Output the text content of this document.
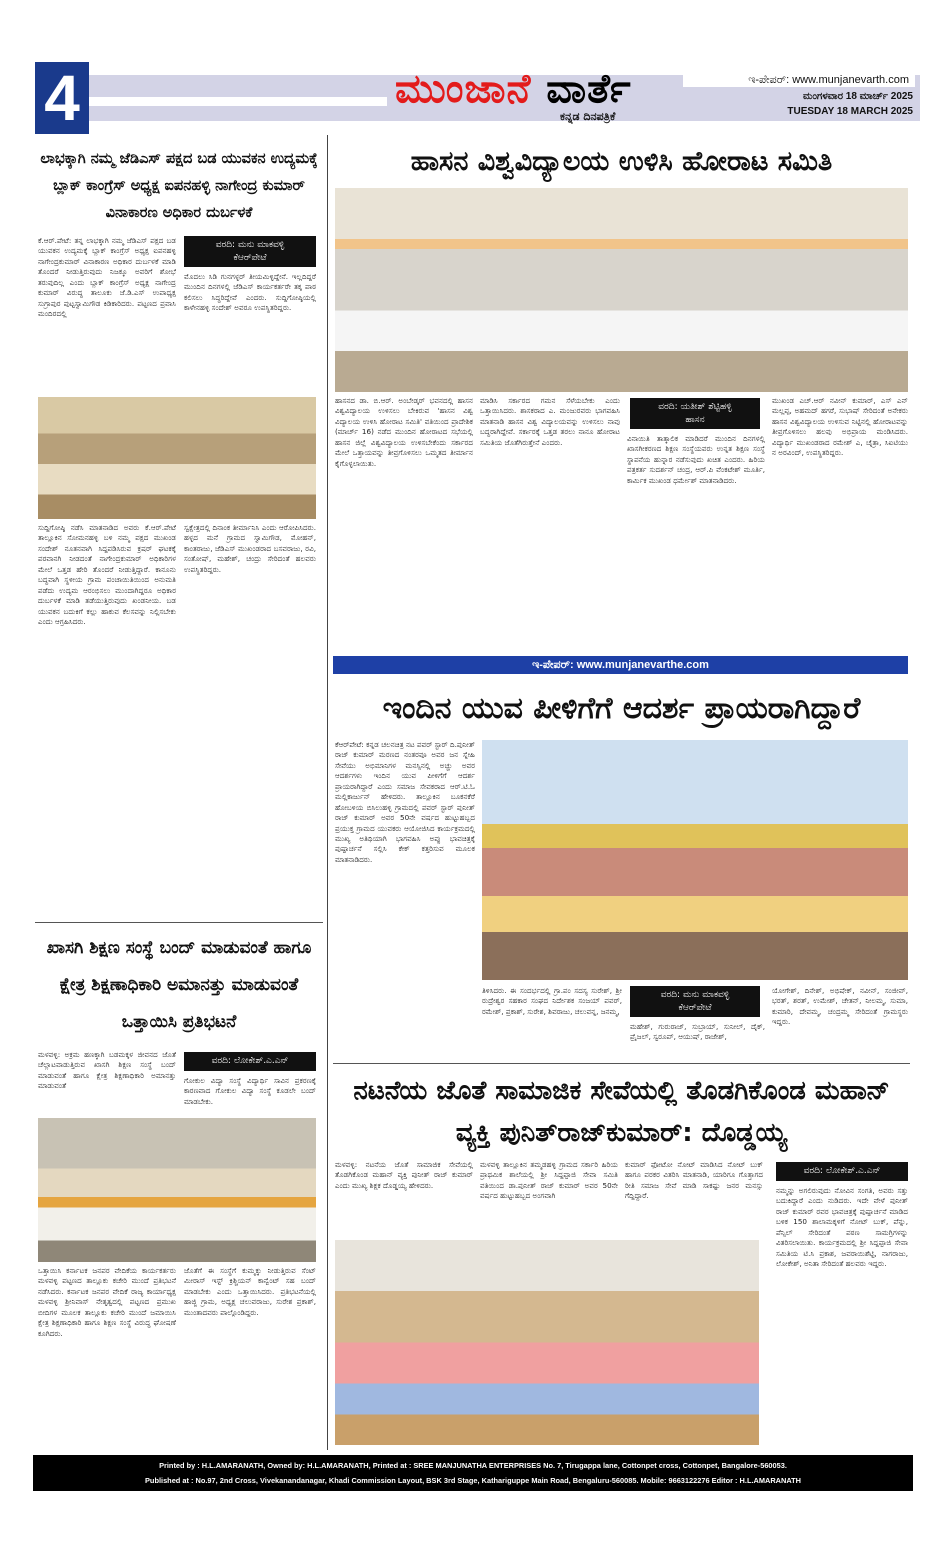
4	ಮುಂಜಾನೆ ವಾರ್ತೆ
ಕನ್ನಡ ದಿನಪತ್ರಿಕೆ
ಇ-ಪೇಪರ್: www.munjanevarth.com
ಮಂಗಳವಾರ 18 ಮಾರ್ಚ್ 2025
TUESDAY 18 MARCH 2025
ಲಾಭಕ್ಕಾಗಿ ನಮ್ಮ ಜೆಡಿಎಸ್ ಪಕ್ಷದ ಬಡ ಯುವಕನ ಉದ್ಯಮಕ್ಕೆ ಬ್ಲಾಕ್ ಕಾಂಗ್ರೆಸ್ ಅಧ್ಯಕ್ಷ ಐಪನಹಳ್ಳಿ ನಾಗೇಂದ್ರ ಕುಮಾರ್ ವಿನಾಕಾರಣ ಅಧಿಕಾರ ದುರ್ಬಳಕೆ
ಕೆ.ಆರ್.ಪೇಟೆ: ತನ್ನ ಲಾಭಕ್ಕಾಗಿ ನಮ್ಮ ಜೆಡಿಎಸ್ ಪಕ್ಷದ ಬಡ ಯುವಕನ ಉದ್ಯಮಕ್ಕೆ ಬ್ಲಾಕ್ ಕಾಂಗ್ರೆಸ್ ಅಧ್ಯಕ್ಷ ಐಪನಹಳ್ಳಿ ನಾಗೇಂದ್ರಕುಮಾರ್ ವಿನಾಕಾರಣ ಅಧಿಕಾರ ದುರ್ಬಳಕೆ ಮಾಡಿ ತೊಂದರೆ ನೀಡುತ್ತಿರುವುದು ನಿಜಕ್ಕೂ ಅವರಿಗೆ ಶೋಭೆ ತರುವುದಿಲ್ಲ ಎಂದು ಬ್ಲಾಕ್ ಕಾಂಗ್ರೆಸ್ ಅಧ್ಯಕ್ಷ ನಾಗೇಂದ್ರ ಕುಮಾರ್ ವಿರುದ್ಧ ತಾಲೂಕು ಜೆ.ಡಿ.ಎಸ್ ಉಪಾಧ್ಯಕ್ಷ ಸುಗ್ರಾಪುರ ಪುಟ್ಟಸ್ವಾಮಿಗೌಡ ಕಿಡಿಕಾರಿದರು. ಪಟ್ಟಣದ ಪ್ರವಾಸಿ ಮಂದಿರದಲ್ಲಿ
ವರದಿ: ಮನು ಮಾಕವಳ್ಳಿ
ಕೆಆರ್‌ಪೇಟೆ
ಮೊದಲು ಸಿಡಿ ಗುನಗಳ್ಳರ್ ತೀಯಮಿಳ್ಳಿದ್ದೇನೆ. ಇಲ್ಲದಿದ್ದರೆ ಮುಂದಿನ ದಿನಗಳಲ್ಲಿ ಜೆಡಿಎಸ್ ಕಾರ್ಯಕರ್ತರೇ ತಕ್ಕ ಪಾಠ ಕಲಿಸಲು ಸಿದ್ಧರಿದ್ದೇವೆ ಎಂದರು. ಸುದ್ದಿಗೋಷ್ಠಿಯಲ್ಲಿ ಕಾಳೇನಹಳ್ಳಿ ಸಂದೇಶ್ ಅವರೂ ಉಪಸ್ಥಿತರಿದ್ದರು.
ಸುದ್ದಿಗೋಷ್ಠಿ ನಡೆಸಿ ಮಾತನಾಡಿದ ಅವರು ಕೆ.ಆರ್.ಪೇಟೆ ತಾಲ್ಲೂಕಿನ ಸೋಮನಹಳ್ಳಿ ಬಳಿ ನಮ್ಮ ಪಕ್ಷದ ಮುಖಂಡ ಸಂದೇಶ್ ನೂತನವಾಗಿ ಸಿದ್ದಪಡಿಸಿರುವ ಕ್ರಷರ್ ಘಟಕಕ್ಕೆ ಪರವಾನಗಿ ನೀಡದಂತೆ ನಾಗೇಂದ್ರಕುಮಾರ್ ಅಧಿಕಾರಿಗಳ ಮೇಲೆ ಒತ್ತಡ ಹೇರಿ ತೊಂದರೆ ನೀಡುತ್ತಿದ್ದಾರೆ. ಕಾನೂನು ಬದ್ಧವಾಗಿ ಸ್ಥಳೀಯ ಗ್ರಾಮ ಪಂಚಾಯಿತಿಯಿಂದ ಅನುಮತಿ ಪಡೆದು ಉದ್ಯಮ ಆರಂಭಿಸಲು ಮುಂದಾಗಿದ್ದರೂ ಅಧಿಕಾರ ದುರ್ಬಳಕೆ ಮಾಡಿ ತಡೆಯುತ್ತಿರುವುದು ಖಂಡನೀಯ. ಬಡ ಯುವಕನ ಬದುಕಿಗೆ ಕಲ್ಲು ಹಾಕುವ ಕೆಲಸವನ್ನು ನಿಲ್ಲಿಸಬೇಕು ಎಂದು ಆಗ್ರಹಿಸಿದರು.
ಸ್ವಕ್ಷೇತ್ರದಲ್ಲಿ ದಿನಾಂಕ ತೀರ್ಮಾನಿಸಿ ಎಂದು ಆರೋಪಿಸಿದರು. ಹಳ್ಳದ ಮನೆ ಗ್ರಾಮದ ಸ್ವಾಮಿಗೌಡ, ಮೋಹನ್, ಕಾಂತರಾಜು, ಜೆಡಿಎಸ್ ಮುಖಂಡರಾದ ಬಸವರಾಜು, ರವಿ, ಸಂತೋಷ್, ಮಹೇಶ್, ಚಂದ್ರು ಸೇರಿದಂತೆ ಹಲವರು ಉಪಸ್ಥಿತರಿದ್ದರು.
ಖಾಸಗಿ ಶಿಕ್ಷಣ ಸಂಸ್ಥೆ ಬಂದ್ ಮಾಡುವಂತೆ ಹಾಗೂ ಕ್ಷೇತ್ರ ಶಿಕ್ಷಣಾಧಿಕಾರಿ ಅಮಾನತ್ತು ಮಾಡುವಂತೆ ಒತ್ತಾಯಿಸಿ ಪ್ರತಿಭಟನೆ
ಮಳವಳ್ಳಿ: ಅಕ್ರಮ ಹಣಕ್ಕಾಗಿ ಬಡಮಕ್ಕಳ ಜೀವನದ ಜೊತೆ ಚೆಲ್ಲಾಟವಾಡುತ್ತಿರುವ ಖಾಸಗಿ ಶಿಕ್ಷಣ ಸಂಸ್ಥೆ ಬಂದ್ ಮಾಡುವಂತೆ ಹಾಗೂ ಕ್ಷೇತ್ರ ಶಿಕ್ಷಣಾಧಿಕಾರಿ ಅಮಾನತ್ತು ಮಾಡುವಂತೆ
ವರದಿ: ಲೋಕೇಶ್.ಎ.ಎನ್
ಗೋಕುಲ ವಿದ್ಯಾ ಸಂಸ್ಥೆ ವಿದ್ಯಾರ್ಥಿ ಸಾವಿನ ಪ್ರಕರಣಕ್ಕೆ ಕಾರಣವಾದ ಗೋಕುಲ ವಿದ್ಯಾ ಸಂಸ್ಥೆ ಕೂಡಲೇ ಬಂದ್ ಮಾಡಬೇಕು.
ಒತ್ತಾಯಿಸಿ ಕರ್ನಾಟಕ ಜನಪರ ವೇದಿಕೆಯ ಕಾರ್ಯಕರ್ತರು ಮಳವಳ್ಳಿ ಪಟ್ಟಣದ ತಾಲ್ಲೂಕು ಕಚೇರಿ ಮುಂದೆ ಪ್ರತಿಭಟನೆ ನಡೆಸಿದರು. ಕರ್ನಾಟಕ ಜನಪರ ವೇದಿಕೆ ರಾಜ್ಯ ಕಾರ್ಯಾಧ್ಯಕ್ಷ ಮಳವಳ್ಳಿ ಶ್ರೀನಿವಾಸ್ ನೇತೃತ್ವದಲ್ಲಿ ಪಟ್ಟಣದ ಪ್ರಮುಖ ಬೀದಿಗಳ ಮೂಲಕ ತಾಲ್ಲೂಕು ಕಚೇರಿ ಮುಂದೆ ಜಮಾಯಿಸಿ ಕ್ಷೇತ್ರ ಶಿಕ್ಷಣಾಧಿಕಾರಿ ಹಾಗೂ ಶಿಕ್ಷಣ ಸಂಸ್ಥೆ ವಿರುದ್ಧ ಘೋಷಣೆ ಕೂಗಿದರು.
ಜೊತೆಗೆ ಈ ಸಂಸ್ಥೆಗೆ ಕುಮ್ಮಕ್ಕು ನೀಡುತ್ತಿರುವ ಸೆಂಟ್ ಮೀರಾಸ್ ಇಸ್ಟ್ ಕ್ರಿಶ್ಚಿಯನ್ ಕಾನ್ವೆಂಟ್ ಸಹ ಬಂದ್ ಮಾಡಬೇಕು ಎಂದು ಒತ್ತಾಯಿಸಿದರು. ಪ್ರತಿಭಟನೆಯಲ್ಲಿ ಹಾಜ್ಜಿ ಗ್ರಾಮ, ಅಧ್ಯಕ್ಷ ಚಲುವರಾಜು, ಸುರೇಶ ಪ್ರಕಾಶ್, ಮುಂತಾದವರು ಪಾಲ್ಗೊಂಡಿದ್ದರು.
ಹಾಸನ ವಿಶ್ವವಿದ್ಯಾಲಯ ಉಳಿಸಿ ಹೋರಾಟ ಸಮಿತಿ
ಹಾಸನದ ಡಾ. ಬಿ.ಆರ್. ಅಂಬೇಡ್ಕರ್ ಭವನದಲ್ಲಿ ಹಾಸನ ವಿಶ್ವವಿದ್ಯಾಲಯ ಉಳಿಸಲು ಬೇಕಿರುವ 'ಹಾಸನ ವಿಶ್ವ ವಿದ್ಯಾಲಯ ಉಳಿಸಿ ಹೋರಾಟ ಸಮಿತಿ' ವತಿಯಿಂದ ಪ್ರಾದೇಶಿಕ (ಮಾರ್ಚ್ 16) ನಡೆದ ಮುಂದಿನ ಹೋರಾಟದ ಸಭೆಯಲ್ಲಿ ಹಾಸನ ಜಿಲ್ಲೆ ವಿಶ್ವವಿದ್ಯಾಲಯ ಉಳಿಸಬೇಕೆಂದು ಸರ್ಕಾರದ ಮೇಲೆ ಒತ್ತಾಯವನ್ನು ತೀವ್ರಗೊಳಿಸಲು ಒಮ್ಮತದ ತೀರ್ಮಾನ ಕೈಗೊಳ್ಳಲಾಯಿತು.
ಮಾಡಿಸಿ ಸರ್ಕಾರದ ಗಮನ ಸೆಳೆಯಬೇಕು ಎಂದು ಒತ್ತಾಯಿಸಿದರು. ಶಾಸಕರಾದ ಎ. ಮಂಜುರವರು ಭಾಗವಹಿಸಿ ಮಾತನಾಡಿ ಹಾಸನ ವಿಶ್ವ ವಿದ್ಯಾಲಯವನ್ನು ಉಳಿಸಲು ನಾವು ಬದ್ಧರಾಗಿದ್ದೇವೆ. ಸರ್ಕಾರಕ್ಕೆ ಒತ್ತಡ ತರಲು ನಾನೂ ಹೋರಾಟ ಸಮಿತಿಯ ಜೊತೆಗಿರುತ್ತೇನೆ ಎಂದರು.
ವರದಿ: ಯತೀಶ್ ಶೆಟ್ಟಿಹಳ್ಳಿ
ಹಾಸನ
ವಿನಾಯಿತಿ ತಾತ್ಕಾಲಿಕ ಮಾಡಿದರೆ ಮುಂದಿನ ದಿನಗಳಲ್ಲಿ ಖಾಸಗೀಕರಣದ ಶಿಕ್ಷಣ ಸಂಸ್ಥೆಯವರು ಉನ್ನತ ಶಿಕ್ಷಣ ಸಂಸ್ಥೆ ಸ್ಥಾಪನೆಯ ಹುನ್ನಾರ ನಡೆಸುವುದು ಖಚಿತ ಎಂದರು. ಹಿರಿಯ ಪತ್ರಕರ್ತ ಸುದರ್ಶನ್ ಚಂದ್ರ, ಆರ್.ಪಿ ವೆಂಕಟೇಶ್ ಮೂರ್ತಿ, ಕಾರ್ಮಿಕ ಮುಖಂಡ ಧರ್ಮೇಶ್ ಮಾತನಾಡಿದರು.
ಮುಖಂಡ ಎಚ್.ಆರ್ ನವೀನ್ ಕುಮಾರ್, ಎಸ್ ಎನ್ ಮಲ್ಲಪ್ಪ, ಅಹಮದ್ ಹಗರೆ, ಸುಭಾಷ್ ಸೇರಿದಂತೆ ಅನೇಕರು ಹಾಸನ ವಿಶ್ವವಿದ್ಯಾಲಯ ಉಳಿಸುವ ನಿಟ್ಟಿನಲ್ಲಿ ಹೋರಾಟವನ್ನು ತೀವ್ರಗೊಳಿಸಲು ಹಲವು ಅಭಿಪ್ರಾಯ ಮಂಡಿಸಿದರು. ವಿದ್ಯಾರ್ಥಿ ಮುಖಂಡರಾದ ರಮೇಶ್ ಎ, ಚೈತ್ರಾ, ಸಿಐಟಿಯು ನ ಅರವಿಂದ್, ಉಪಸ್ಥಿತರಿದ್ದರು.
ಇ-ಪೇಪರ್: www.munjanevarthe.com
ಇಂದಿನ ಯುವ ಪೀಳಿಗೆಗೆ ಆದರ್ಶ ಪ್ರಾಯರಾಗಿದ್ದಾರೆ
ಕೆಆರ್‌ಪೇಟೆ: ಕನ್ನಡ ಚಲನಚಿತ್ರ ನಟ ಪವರ್ ಸ್ಟಾರ್ ದಿ.ಪುನೀತ್ ರಾಜ್ ಕುಮಾರ್ ಮರಣದ ನಂತರವೂ ಅವರ ಜನ ಸ್ನೇಹಿ ಸೇವೆಯು ಅಭಿಮಾನಿಗಳ ಮನಸ್ಸಿನಲ್ಲಿ ಅಚ್ಚು ಅವರ ಆದರ್ಶಗಳು ಇಂದಿನ ಯುವ ಪೀಳಿಗೆಗೆ ಆದರ್ಶ ಪ್ರಾಯರಾಗಿದ್ದಾರೆ ಎಂದು ಸಮಾಜ ಸೇವಕರಾದ ಆರ್.ಟಿ.ಓ ಮಲ್ಲಿಕಾರ್ಜುನ್ ಹೇಳಿದರು. ತಾಲ್ಲೂಕಿನ ಬೂಕನಕೆರೆ ಹೋಬಳಿಯ ಬಿಸಿಲುಹಳ್ಳಿ ಗ್ರಾಮದಲ್ಲಿ ಪವರ್ ಸ್ಟಾರ್ ಪುನೀತ್ ರಾಜ್ ಕುಮಾರ್ ಅವರ 50ನೇ ವರ್ಷದ ಹುಟ್ಟುಹಬ್ಬದ ಪ್ರಯುಕ್ತ ಗ್ರಾಮದ ಯುವಕರು ಆಯೋಜಿಸಿದ ಕಾರ್ಯಕ್ರಮದಲ್ಲಿ ಮುಖ್ಯ ಅತಿಥಿಯಾಗಿ ಭಾಗವಹಿಸಿ ಅಪ್ಪು ಭಾವಚಿತ್ರಕ್ಕೆ ಪುಷ್ಪಾರ್ಚನೆ ಸಲ್ಲಿಸಿ ಕೇಕ್ ಕತ್ತರಿಸುವ ಮೂಲಕ ಮಾತನಾಡಿದರು.
ತಿಳಿಸಿದರು. ಈ ಸಂದರ್ಭದಲ್ಲಿ ಗ್ರಾ.ಪಂ ಸದಸ್ಯ ಸುರೇಶ್, ಶ್ರೀ ರುದ್ರೇಶ್ವರ ಸಹಕಾರ ಸಂಘದ ನಿರ್ದೇಶಕ ಸಂಜಯ್ ಪವರ್, ರಮೇಶ್, ಪ್ರಕಾಶ್, ಸುರೇಶ, ಶಿವರಾಜು, ಚಲುವನ್ನ, ಜನಮ್ಮ,
ವರದಿ: ಮನು ಮಾಕವಳ್ಳಿ
ಕೆಆರ್‌ಪೇಟೆ
ಮಹೇಶ್, ಗುರುರಾಜ್, ಸುಬ್ರಾಯ್, ಸುನೀಲ್, ದೈಕ್, ಪ್ರೈಜಲ್, ಸ್ವರೂಪ್, ಆಯುಷ್, ರಾಜೇಶ್,
ಯೋಗೇಶ್, ದಿನೇಶ್, ಅಭಿಷೇಕ್, ನವೀನ್, ಸಂಜೀವ್, ಭರತ್, ಶರತ್, ಉಮೇಶ್, ಚೇತನ್, ನೀಲಮ್ಮ, ಸುಮಾ, ಕುಮಾರಿ, ದೇವಮ್ಮ, ಚಂದ್ರಮ್ಮ ಸೇರಿದಂತೆ ಗ್ರಾಮಸ್ಥರು ಇದ್ದರು.
ನಟನೆಯ ಜೊತೆ ಸಾಮಾಜಿಕ ಸೇವೆಯಲ್ಲಿ ತೊಡಗಿಕೊಂಡ ಮಹಾನ್ ವ್ಯಕ್ತಿ ಪುನಿತ್‌ರಾಜ್‌ಕುಮಾರ್: ದೊಡ್ಡಯ್ಯ
ಮಳವಳ್ಳಿ: ನಟನೆಯ ಜೊತೆ ಸಾಮಾಜಿಕ ಸೇವೆಯಲ್ಲಿ ತೊಡಗಿಕೊಂಡ ಮಹಾನ್ ವ್ಯಕ್ತಿ ಪುನೀತ್ ರಾಜ್ ಕುಮಾರ್ ಎಂದು ಮುಖ್ಯ ಶಿಕ್ಷಕ ದೊಡ್ಡಯ್ಯ ಹೇಳಿದರು.
ಮಳವಳ್ಳಿ ತಾಲ್ಲೂಕಿನ ತಮ್ಮಡಹಳ್ಳಿ ಗ್ರಾಮದ ಸರ್ಕಾರಿ ಹಿರಿಯ ಪ್ರಾಥಮಿಕ ಶಾಲೆಯಲ್ಲಿ ಶ್ರೀ ಸಿದ್ದಪ್ಪಾಜಿ ಸೇವಾ ಸಮಿತಿ ವತಿಯಿಂದ ಡಾ.ಪುನೀತ್ ರಾಜ್ ಕುಮಾರ್ ಅವರ 50ನೇ ವರ್ಷದ ಹುಟ್ಟುಹಬ್ಬದ ಅಂಗವಾಗಿ
ಕುಮಾರ್ ಫೋಟೋ ನೋಟ್ ಮಾಡಿಸಿದ ನೋಟ್ ಬುಕ್ ಹಾಗೂ ಪರಕರ ವಿತರಿಸಿ ಮಾತನಾಡಿ, ಯಾರಿಗೂ ಗೊತ್ತಾಗದ ರೀತಿ ಸಮಾಜ ಸೇವೆ ಮಾಡಿ ಸಾಕಷ್ಟು ಜನರ ಮನಸ್ಸು ಗೆದ್ದಿದ್ದಾರೆ.
ವರದಿ: ಲೋಕೇಶ್.ಎ.ಎನ್
ನಮ್ಮನ್ನು ಅಗಲಿರುವುದು ನೋವಿನ ಸಂಗತಿ, ಅವರು ಸತ್ತು ಬದುಕಿದ್ದಾರೆ ಎಂದು ನುಡಿದರು. ಇದೇ ವೇಳೆ ಪುನೀತ್ ರಾಜ್ ಕುಮಾರ್ ರವರ ಭಾವಚಿತ್ರಕ್ಕೆ ಪುಷ್ಪಾರ್ಚನೆ ಮಾಡಿದ ಬಳಿಕ 150 ಶಾಲಾಮಕ್ಕಳಿಗೆ ನೋಟ್ ಬುಕ್, ಪೆನ್ನು, ಪೆನ್ಸಿಲ್ ಸೇರಿದಂತೆ ಪಠಣ ಸಾಮಗ್ರಿಗಳನ್ನು ವಿತರಿಸಲಾಯಿತು. ಕಾರ್ಯಕ್ರಮದಲ್ಲಿ ಶ್ರೀ ಸಿದ್ದಪ್ಪಾಜಿ ಸೇವಾ ಸಮಿತಿಯ ಟಿ.ಸಿ ಪ್ರಕಾಶ, ಜವರಾಯಿಶೆಟ್ಟಿ, ನಾಗರಾಜು, ಲೋಕೇಶ್, ಅನಿತಾ ಸೇರಿದಂತೆ ಹಲವರು ಇದ್ದರು.
Printed by : H.L.AMARANATH, Owned by: H.L.AMARANATH, Printed at : SREE MANJUNATHA ENTERPRISES No. 7, Tirugappa lane, Cottonpet cross, Cottonpet, Bangalore-560053.
Published at : No.97, 2nd Cross, Vivekanandanagar, Khadi Commission Layout, BSK 3rd Stage, Kathariguppe Main Road, Bengaluru-560085. Mobile: 9663122276 Editor : H.L.AMARANATH
